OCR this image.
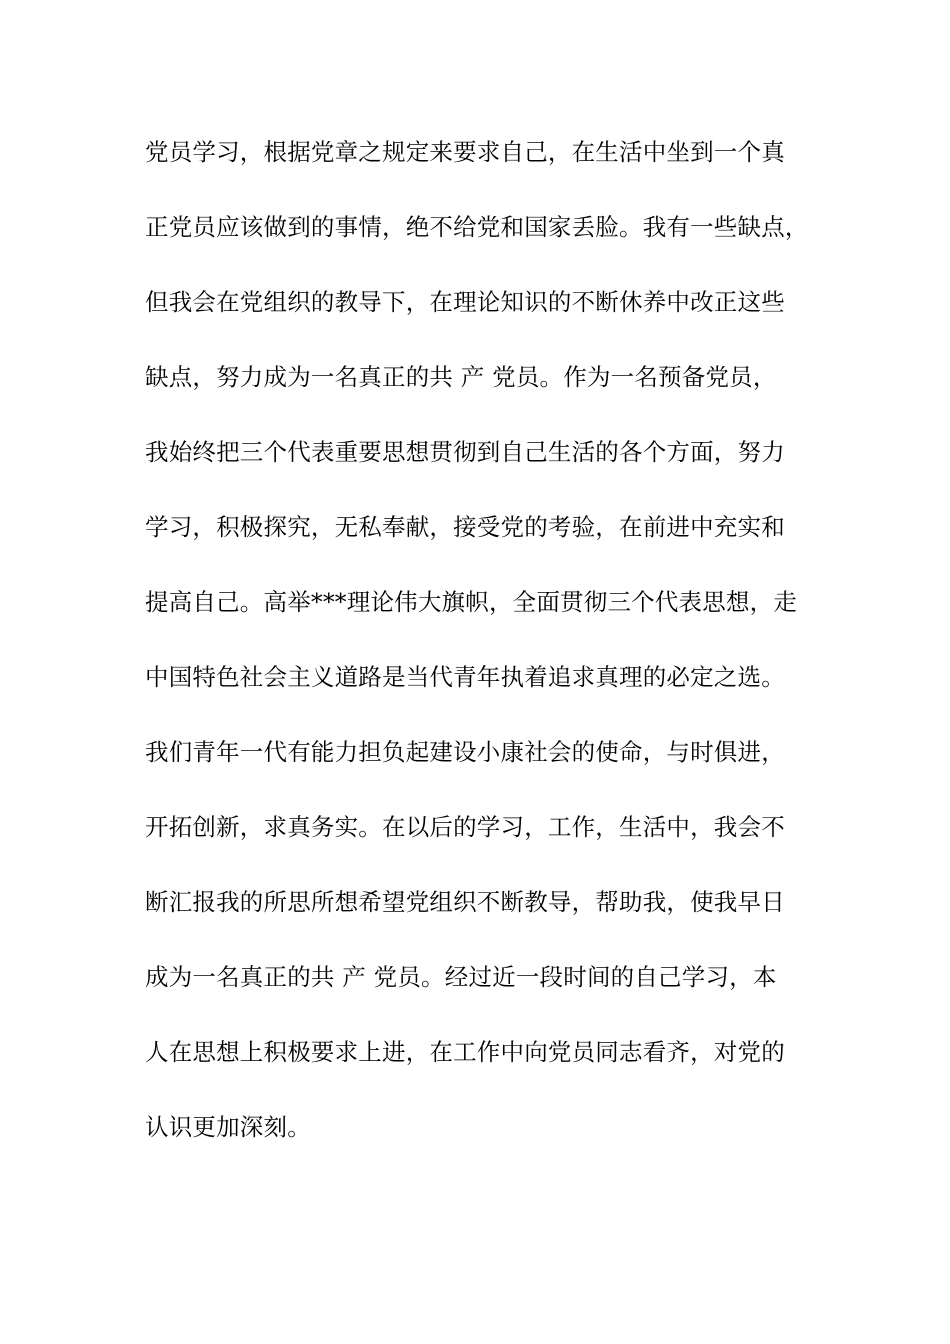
党员学习，根据党章之规定来要求自己，在生活中坐到一个真
正党员应该做到的事情，绝不给党和国家丢脸。我有一些缺点，
但我会在党组织的教导下，在理论知识的不断休养中改正这些
缺点，努力成为一名真正的共 产 党员。作为一名预备党员，
我始终把三个代表重要思想贯彻到自己生活的各个方面，努力
学习，积极探究，无私奉献，接受党的考验，在前进中充实和
提高自己。高举***理论伟大旗帜，全面贯彻三个代表思想，走
中国特色社会主义道路是当代青年执着追求真理的必定之选。
我们青年一代有能力担负起建设小康社会的使命，与时俱进，
开拓创新，求真务实。在以后的学习，工作，生活中，我会不
断汇报我的所思所想希望党组织不断教导，帮助我，使我早日
成为一名真正的共 产 党员。经过近一段时间的自己学习，本
人在思想上积极要求上进，在工作中向党员同志看齐，对党的
认识更加深刻。
